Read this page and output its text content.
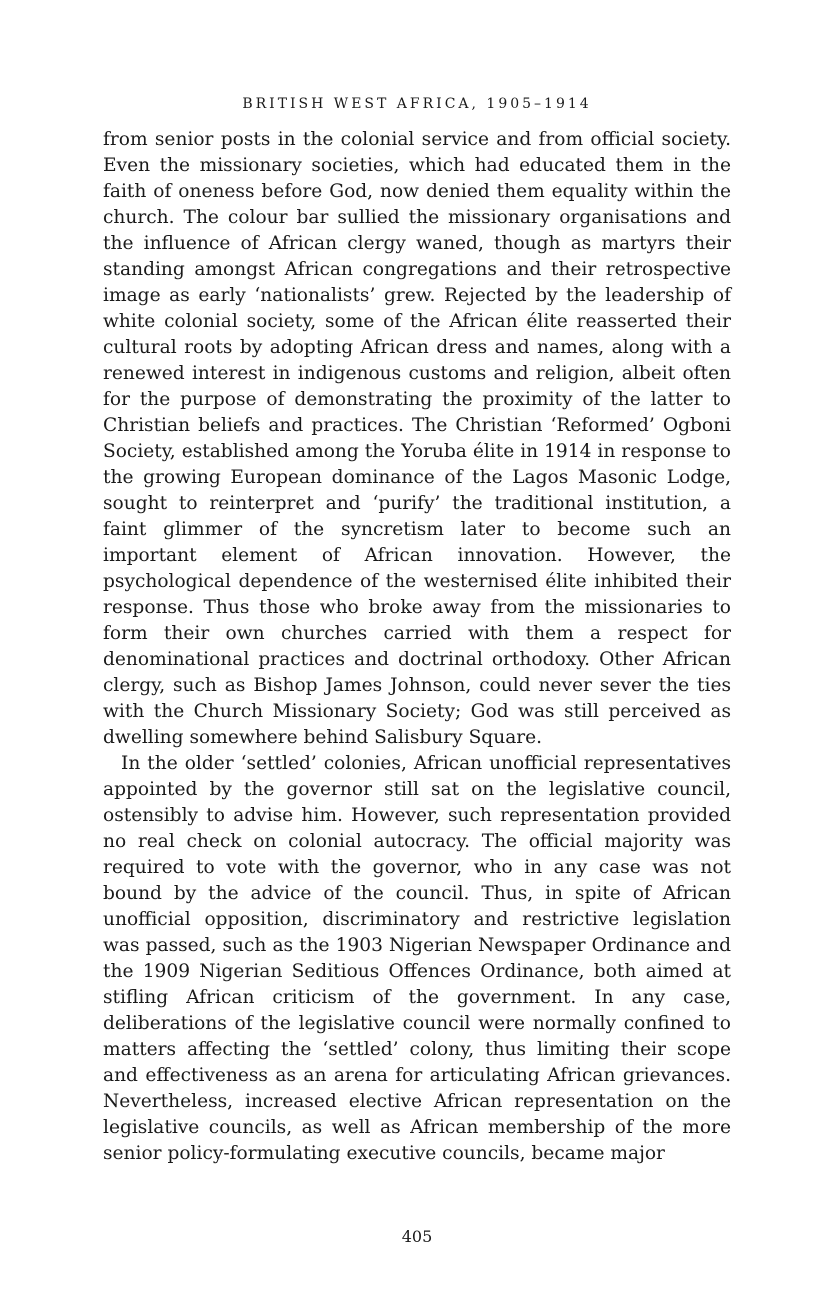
BRITISH WEST AFRICA, 1905–1914

from senior posts in the colonial service and from official society. Even the missionary societies, which had educated them in the faith of oneness before God, now denied them equality within the church. The colour bar sullied the missionary organisations and the influence of African clergy waned, though as martyrs their standing amongst African congregations and their retrospective image as early ‘nationalists’ grew. Rejected by the leadership of white colonial society, some of the African élite reasserted their cultural roots by adopting African dress and names, along with a renewed interest in indigenous customs and religion, albeit often for the purpose of demonstrating the proximity of the latter to Christian beliefs and practices. The Christian ‘Reformed’ Ogboni Society, established among the Yoruba élite in 1914 in response to the growing European dominance of the Lagos Masonic Lodge, sought to reinterpret and ‘purify’ the traditional institution, a faint glimmer of the syncretism later to become such an important element of African innovation. However, the psychological dependence of the westernised élite inhibited their response. Thus those who broke away from the missionaries to form their own churches carried with them a respect for denominational practices and doctrinal orthodoxy. Other African clergy, such as Bishop James Johnson, could never sever the ties with the Church Missionary Society; God was still perceived as dwelling somewhere behind Salisbury Square.

In the older ‘settled’ colonies, African unofficial representatives appointed by the governor still sat on the legislative council, ostensibly to advise him. However, such representation provided no real check on colonial autocracy. The official majority was required to vote with the governor, who in any case was not bound by the advice of the council. Thus, in spite of African unofficial opposition, discriminatory and restrictive legislation was passed, such as the 1903 Nigerian Newspaper Ordinance and the 1909 Nigerian Seditious Offences Ordinance, both aimed at stifling African criticism of the government. In any case, deliberations of the legislative council were normally confined to matters affecting the ‘settled’ colony, thus limiting their scope and effectiveness as an arena for articulating African grievances. Nevertheless, increased elective African representation on the legislative councils, as well as African membership of the more senior policy-formulating executive councils, became major

405
